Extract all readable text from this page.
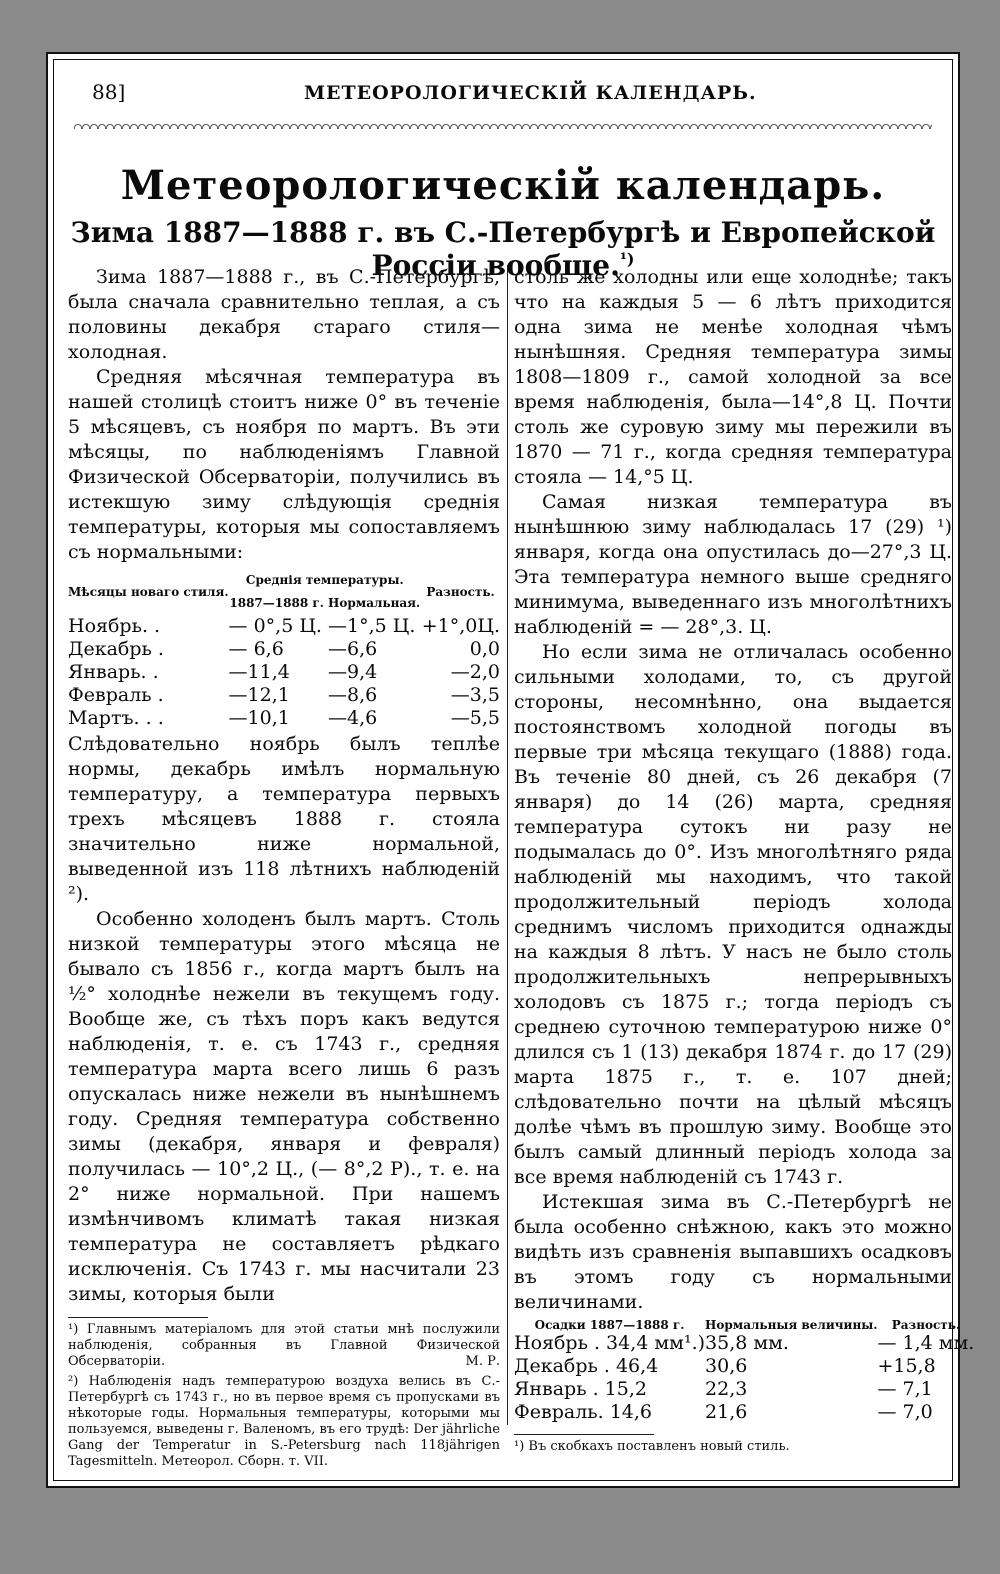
88]	МЕТЕОРОЛОГИЧЕСКІЙ КАЛЕНДАРЬ.
Метеорологическій календарь.
Зима 1887—1888 г. въ С.-Петербургѣ и Европейской Россіи вообще.$^{^1)}$

Зима 1887—1888 г., въ С.-Петербургѣ, была сначала сравнительно теплая, а съ половины декабря стараго стиля—холодная.

Средняя мѣсячная температура въ нашей столицѣ стоитъ ниже 0° въ теченіе 5 мѣсяцевъ, съ ноября по мартъ. Въ эти мѣсяцы, по наблюденіямъ Главной Физической Обсерваторіи, получились въ истекшую зиму слѣдующія среднія температуры, которыя мы сопоставляемъ съ нормальными:

Мѣсяцы новаго стиля.	Среднія температуры.
1887—1888 г. Нормальная.		Разность.
Ноябрь. .	— 0°,5 Ц.	—1°,5 Ц.	+1°,0Ц.
Декабрь .	— 6,6	—6,6	0,0
Январь. .	—11,4	—9,4	—2,0
Февраль .	—12,1	—8,6	—3,5
Мартъ. . .	—10,1	—4,6	—5,5

Слѣдовательно ноябрь былъ теплѣе нормы, декабрь имѣлъ нормальную температуру, а температура первыхъ трехъ мѣсяцевъ 1888 г. стояла значительно ниже нормальной, выведенной изъ 118 лѣтнихъ наблюденій ²).

Особенно холоденъ былъ мартъ. Столь низкой температуры этого мѣсяца не бывало съ 1856 г., когда мартъ былъ на ½° холоднѣе нежели въ текущемъ году. Вообще же, съ тѣхъ поръ какъ ведутся наблюденія, т. е. съ 1743 г., средняя температура марта всего лишь 6 разъ опускалась ниже нежели въ нынѣшнемъ году. Средняя температура собственно зимы (декабря, января и февраля) получилась — 10°,2 Ц., (— 8°,2 Р)., т. е. на 2° ниже нормальной. При нашемъ измѣнчивомъ климатѣ такая низкая температура не составляетъ рѣдкаго исключенія. Съ 1743 г. мы насчитали 23 зимы, которыя были

¹) Главнымъ матеріаломъ для этой статьи мнѣ послужили наблюденія, собранныя въ Главной Физической Обсерваторіи.	М. Р.
²) Наблюденія надъ температурою воздуха велись въ С.-Петербургѣ съ 1743 г., но въ первое время съ пропусками въ нѣкоторые годы. Нормальныя температуры, которыми мы пользуемся, выведены г. Валеномъ, въ его трудѣ: Der jährliche Gang der Temperatur in S.-Petersburg nach 118jährigen Tagesmitteln. Метеорол. Сборн. т. VII.

столь же холодны или еще холоднѣе; такъ что на каждыя 5 — 6 лѣтъ приходится одна зима не менѣе холодная чѣмъ нынѣшняя. Средняя температура зимы 1808—1809 г., самой холодной за все время наблюденія, была—14°,8 Ц. Почти столь же суровую зиму мы пережили въ 1870 — 71 г., когда средняя температура стояла — 14,°5 Ц.

Самая низкая температура въ нынѣшнюю зиму наблюдалась 17 (29) ¹) января, когда она опустилась до—27°,3 Ц. Эта температура немного выше средняго минимума, выведеннаго изъ многолѣтнихъ наблюденій = — 28°,3. Ц.

Но если зима не отличалась особенно сильными холодами, то, съ другой стороны, несомнѣнно, она выдается постоянствомъ холодной погоды въ первые три мѣсяца текущаго (1888) года. Въ теченіе 80 дней, съ 26 декабря (7 января) до 14 (26) марта, средняя температура сутокъ ни разу не подымалась до 0°. Изъ многолѣтняго ряда наблюденій мы находимъ, что такой продолжительный періодъ холода среднимъ числомъ приходится однажды на каждыя 8 лѣтъ. У насъ не было столь продолжительныхъ непрерывныхъ холодовъ съ 1875 г.; тогда періодъ съ среднею суточною температурою ниже 0° длился съ 1 (13) декабря 1874 г. до 17 (29) марта 1875 г., т. е. 107 дней; слѣдовательно почти на цѣлый мѣсяцъ долѣе чѣмъ въ прошлую зиму. Вообще это былъ самый длинный періодъ холода за все время наблюденій съ 1743 г.

Истекшая зима въ С.-Петербургѣ не была особенно снѣжною, какъ это можно видѣть изъ сравненія выпавшихъ осадковъ въ этомъ году съ нормальными величинами.

Осадки 1887—1888 г.	Нормальныя величины.	Разность.
Ноябрь . 34,4 мм¹.)	35,8 мм.	— 1,4 мм.
Декабрь . 46,4	30,6	+15,8
Январь . 15,2	22,3	— 7,1
Февраль. 14,6	21,6	— 7,0
¹) Въ скобкахъ поставленъ новый стиль.
